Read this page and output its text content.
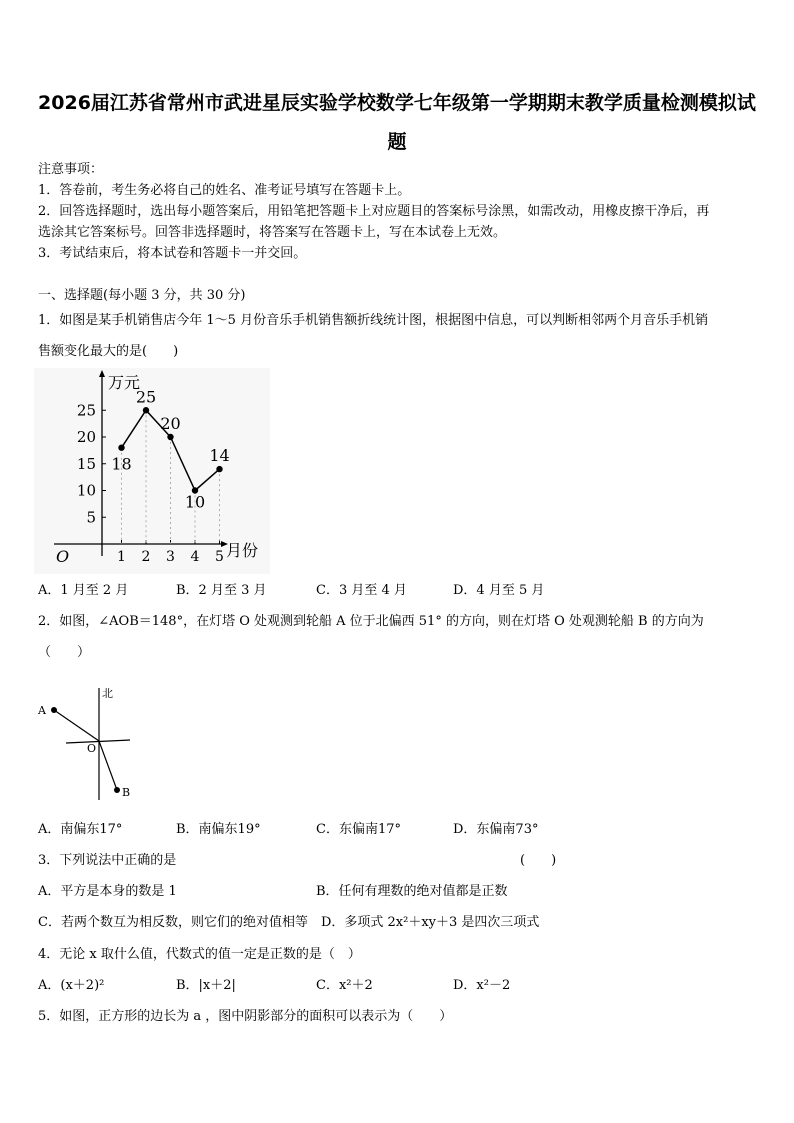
2026届江苏省常州市武进星辰实验学校数学七年级第一学期期末教学质量检测模拟试
题
注意事项：
1．答卷前，考生务必将自己的姓名、准考证号填写在答题卡上。
2．回答选择题时，选出每小题答案后，用铅笔把答题卡上对应题目的答案标号涂黑，如需改动，用橡皮擦干净后，再
选涂其它答案标号。回答非选择题时，将答案写在答题卡上，写在本试卷上无效。
3．考试结束后，将本试卷和答题卡一并交回。
一、选择题(每小题 3 分，共 30 分)
1．如图是某手机销售店今年 1～5 月份音乐手机销售额折线统计图，根据图中信息，可以判断相邻两个月音乐手机销
售额变化最大的是(　　)
万元
月份
O
5
10
15
20
25
1 2 3 4 5
18
25
20
10
14
A．1 月至 2 月	B．2 月至 3 月	C．3 月至 4 月	D．4 月至 5 月
2．如图，∠AOB＝148°，在灯塔 O 处观测到轮船 A 位于北偏西 51° 的方向，则在灯塔 O 处观测轮船 B 的方向为
（　　）
北
A
O
B
A．南偏东17°	B．南偏东19°	C．东偏南17°	D．东偏南73°
3．下列说法中正确的是	(　　)
A．平方是本身的数是 1	B．任何有理数的绝对值都是正数
C．若两个数互为相反数，则它们的绝对值相等　D．多项式 2x²＋xy＋3 是四次三项式
4．无论 x 取什么值，代数式的值一定是正数的是（　）
A．(x＋2)²	B．|x＋2|	C．x²＋2	D．x²－2
5．如图，正方形的边长为 a ，图中阴影部分的面积可以表示为（　　）
